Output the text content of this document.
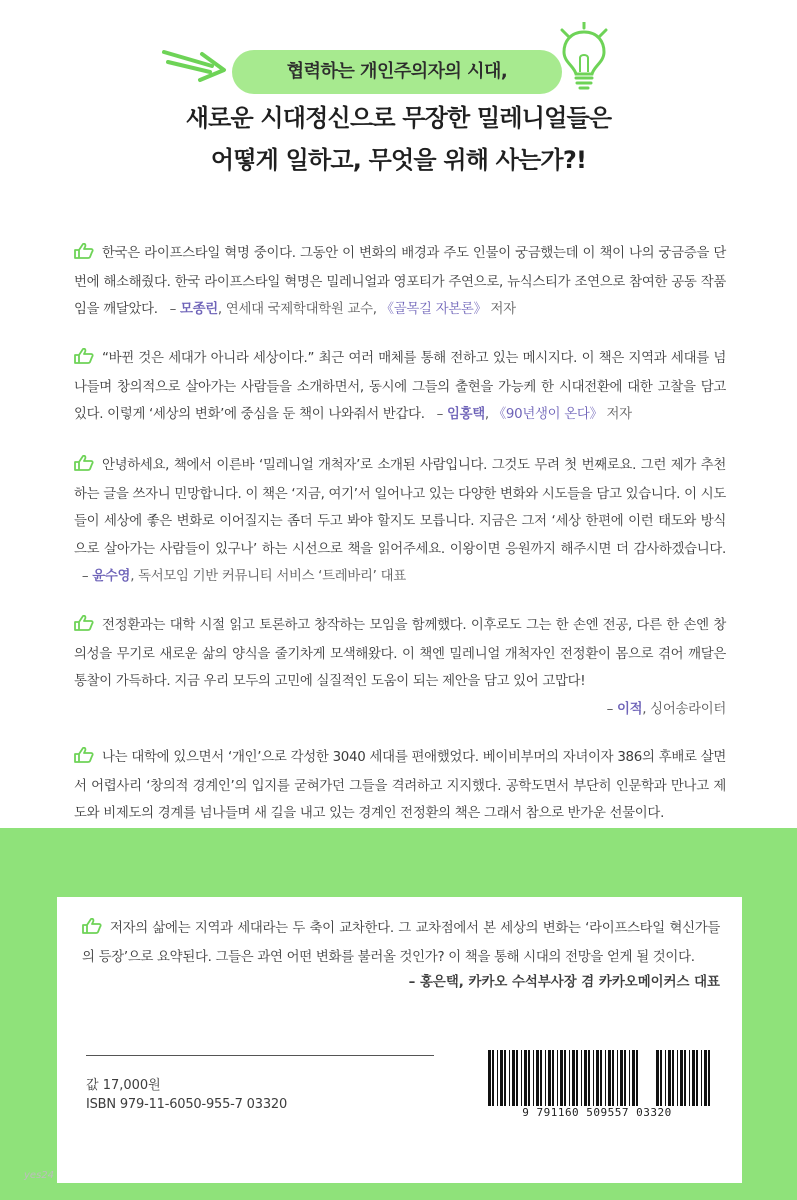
협력하는 개인주의자의 시대,
새로운 시대정신으로 무장한 밀레니얼들은
어떻게 일하고, 무엇을 위해 사는가?!
한국은 라이프스타일 혁명 중이다. 그동안 이 변화의 배경과 주도 인물이 궁금했는데 이 책이 나의 궁금증을 단번에 해소해줬다. 한국 라이프스타일 혁명은 밀레니얼과 영포티가 주연으로, 뉴식스티가 조연으로 참여한 공동 작품임을 깨달았다. – 모종린, 연세대 국제학대학원 교수, 《골목길 자본론》 저자
“바뀐 것은 세대가 아니라 세상이다.” 최근 여러 매체를 통해 전하고 있는 메시지다. 이 책은 지역과 세대를 넘나들며 창의적으로 살아가는 사람들을 소개하면서, 동시에 그들의 출현을 가능케 한 시대전환에 대한 고찰을 담고 있다. 이렇게 ‘세상의 변화’에 중심을 둔 책이 나와줘서 반갑다. – 임홍택, 《90년생이 온다》 저자
안녕하세요, 책에서 이른바 ‘밀레니얼 개척자’로 소개된 사람입니다. 그것도 무려 첫 번째로요. 그런 제가 추천하는 글을 쓰자니 민망합니다. 이 책은 ‘지금, 여기’서 일어나고 있는 다양한 변화와 시도들을 담고 있습니다. 이 시도들이 세상에 좋은 변화로 이어질지는 좀더 두고 봐야 할지도 모릅니다. 지금은 그저 ‘세상 한편에 이런 태도와 방식으로 살아가는 사람들이 있구나’ 하는 시선으로 책을 읽어주세요. 이왕이면 응원까지 해주시면 더 감사하겠습니다.   – 윤수영, 독서모임 기반 커뮤니티 서비스 ‘트레바리’ 대표
전정환과는 대학 시절 읽고 토론하고 창작하는 모임을 함께했다. 이후로도 그는 한 손엔 전공, 다른 한 손엔 창의성을 무기로 새로운 삶의 양식을 줄기차게 모색해왔다. 이 책엔 밀레니얼 개척자인 전정환이 몸으로 겪어 깨달은 통찰이 가득하다. 지금 우리 모두의 고민에 실질적인 도움이 되는 제안을 담고 있어 고맙다!
– 이적, 싱어송라이터
나는 대학에 있으면서 ‘개인’으로 각성한 3040 세대를 편애했었다. 베이비부머의 자녀이자 386의 후배로 살면서 어렵사리 ‘창의적 경계인’의 입지를 굳혀가던 그들을 격려하고 지지했다. 공학도면서 부단히 인문학과 만나고 제도와 비제도의 경계를 넘나들며 새 길을 내고 있는 경계인 전정환의 책은 그래서 참으로 반가운 선물이다.
저자의 삶에는 지역과 세대라는 두 축이 교차한다. 그 교차점에서 본 세상의 변화는 ‘라이프스타일 혁신가들의 등장’으로 요약된다. 그들은 과연 어떤 변화를 불러올 것인가? 이 책을 통해 시대의 전망을 얻게 될 것이다.
– 홍은택, 카카오 수석부사장 겸 카카오메이커스 대표
값 17,000원
ISBN 979-11-6050-955-7 03320
9 791160 509557 03320
yes24
